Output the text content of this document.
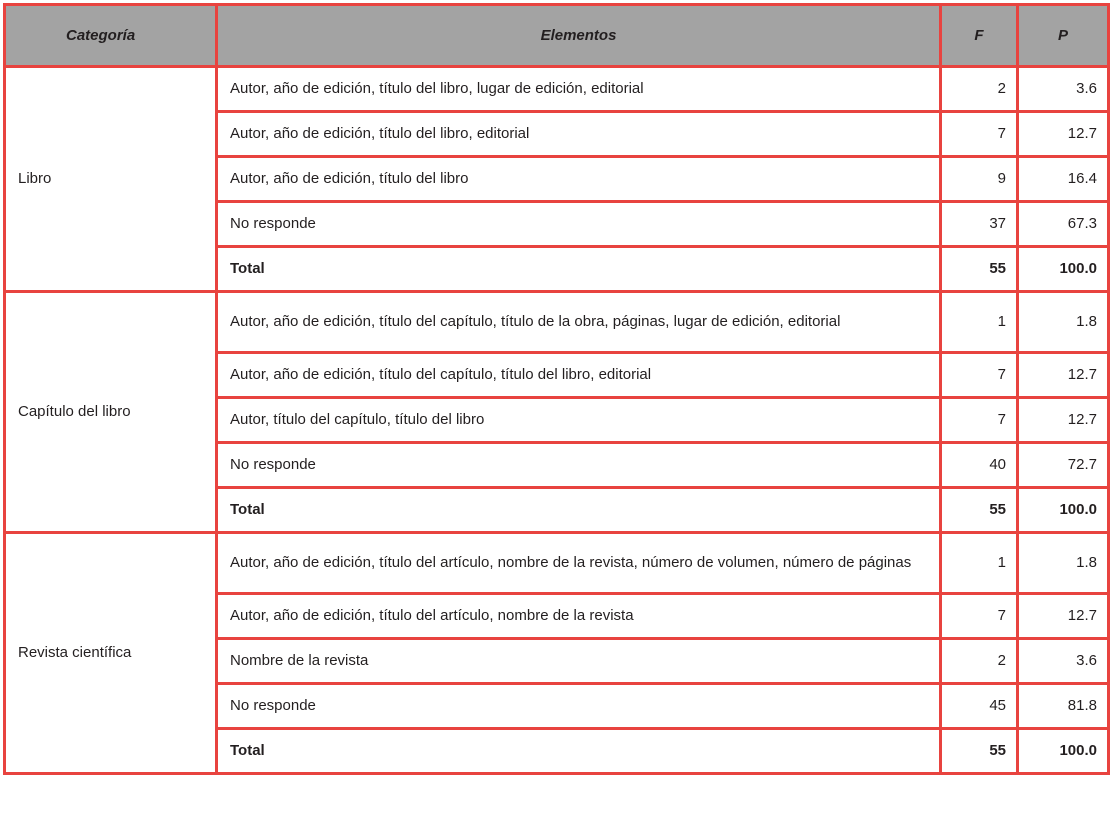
Categoría	Elementos	F	P
Libro	Autor, año de edición, título del libro, lugar de edición, editorial	2	3.6
	Autor, año de edición, título del libro, editorial	7	12.7
	Autor, año de edición, título del libro	9	16.4
	No responde	37	67.3
	Total	55	100.0
Capítulo del libro	Autor, año de edición, título del capítulo, título de la obra, páginas, lugar de edición, editorial	1	1.8
	Autor, año de edición, título del capítulo, título del libro, editorial	7	12.7
	Autor, título del capítulo, título del libro	7	12.7
	No responde	40	72.7
	Total	55	100.0
Revista científica	Autor, año de edición, título del artículo, nombre de la revista, número de volumen, número de páginas	1	1.8
	Autor, año de edición, título del artículo, nombre de la revista	7	12.7
	Nombre de la revista	2	3.6
	No responde	45	81.8
	Total	55	100.0
